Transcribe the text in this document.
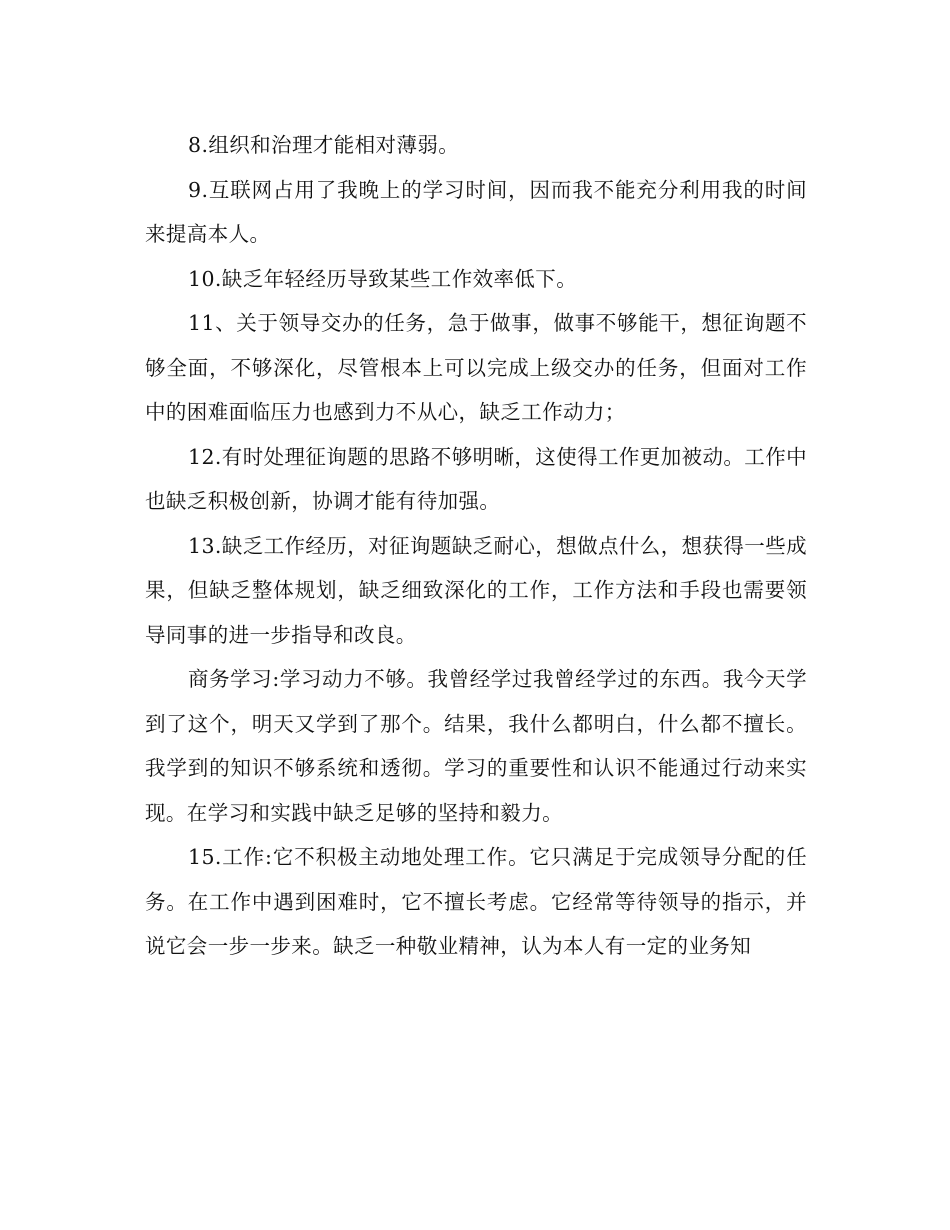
8.组织和治理才能相对薄弱。

9.互联网占用了我晚上的学习时间，因而我不能充分利用我的时间来提高本人。

10.缺乏年轻经历导致某些工作效率低下。

11、关于领导交办的任务，急于做事，做事不够能干，想征询题不够全面，不够深化，尽管根本上可以完成上级交办的任务，但面对工作中的困难面临压力也感到力不从心，缺乏工作动力；

12.有时处理征询题的思路不够明晰，这使得工作更加被动。工作中也缺乏积极创新，协调才能有待加强。

13.缺乏工作经历，对征询题缺乏耐心，想做点什么，想获得一些成果，但缺乏整体规划，缺乏细致深化的工作，工作方法和手段也需要领导同事的进一步指导和改良。

商务学习:学习动力不够。我曾经学过我曾经学过的东西。我今天学到了这个，明天又学到了那个。结果，我什么都明白，什么都不擅长。我学到的知识不够系统和透彻。学习的重要性和认识不能通过行动来实现。在学习和实践中缺乏足够的坚持和毅力。

15.工作:它不积极主动地处理工作。它只满足于完成领导分配的任务。在工作中遇到困难时，它不擅长考虑。它经常等待领导的指示，并说它会一步一步来。缺乏一种敬业精神，认为本人有一定的业务知
